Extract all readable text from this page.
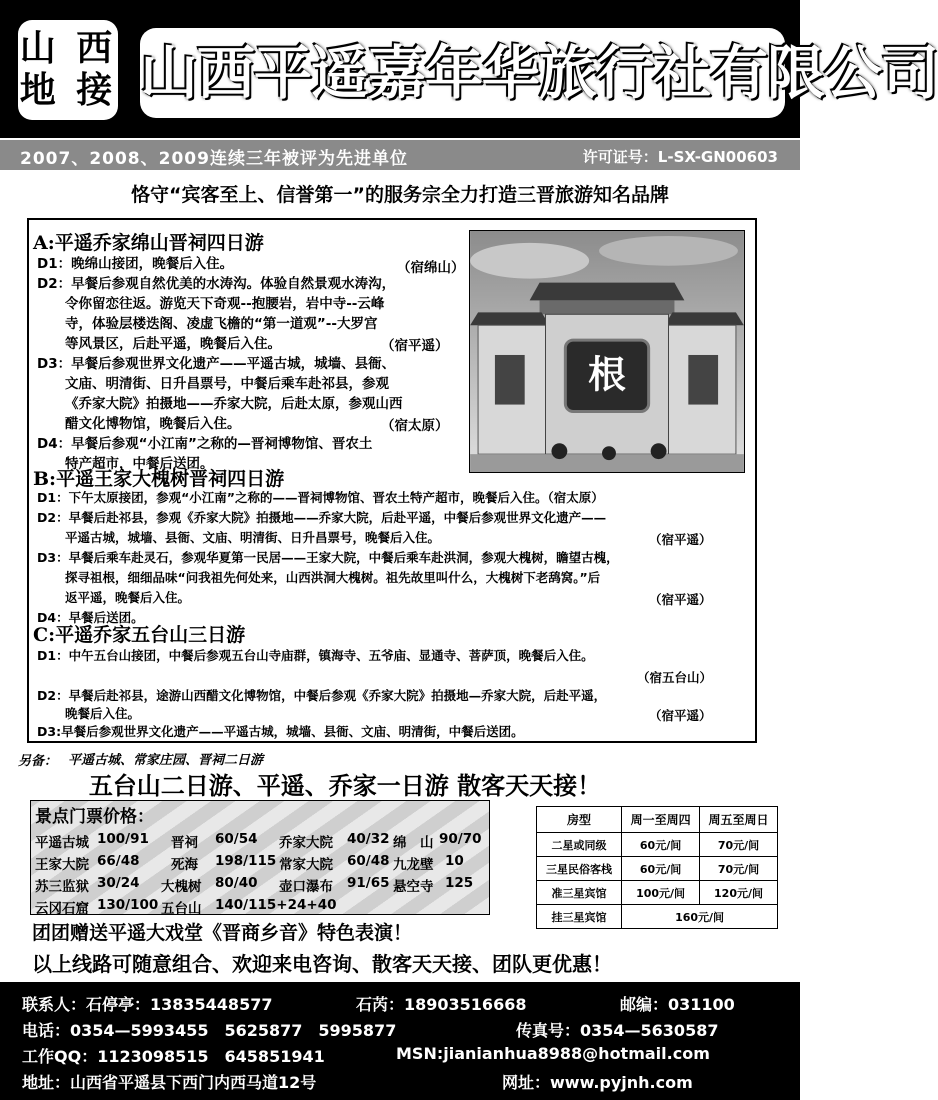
山 西
地 接 山西平遥嘉年华旅行社有限公司
2007、2008、2009连续三年被评为先进单位	许可证号：L-SX-GN00603
恪守“宾客至上、信誉第一”的服务宗全力打造三晋旅游知名品牌
根
A:平遥乔家绵山晋祠四日游
D1：晚绵山接团，晚餐后入住。	（宿绵山）
D2：早餐后参观自然优美的水涛沟。体验自然景观水涛沟，
令你留恋往返。游览天下奇观--抱腰岩，岩中寺--云峰
寺，体验层楼迭阁、凌虚飞檐的“第一道观”--大罗宫
等风景区，后赴平遥，晚餐后入住。	（宿平遥）
D3：早餐后参观世界文化遗产——平遥古城，城墙、县衙、
文庙、明清街、日升昌票号，中餐后乘车赴祁县，参观
《乔家大院》拍摄地——乔家大院，后赴太原，参观山西
醋文化博物馆，晚餐后入住。	（宿太原）
D4：早餐后参观“小江南”之称的—晋祠博物馆、晋农土
特产超市，中餐后送团。
B:平遥王家大槐树晋祠四日游
D1：下午太原接团，参观“小江南”之称的——晋祠博物馆、晋农土特产超市，晚餐后入住。（宿太原）
D2：早餐后赴祁县，参观《乔家大院》拍摄地——乔家大院，后赴平遥，中餐后参观世界文化遗产——
平遥古城，城墙、县衙、文庙、明清街、日升昌票号，晚餐后入住。	（宿平遥）
D3：早餐后乘车赴灵石，参观华夏第一民居——王家大院，中餐后乘车赴洪洞，参观大槐树，瞻望古槐，
探寻祖根，细细品味“问我祖先何处来，山西洪洞大槐树。祖先故里叫什么，大槐树下老鸹窝。”后
返平遥，晚餐后入住。	（宿平遥）
D4：早餐后送团。
C:平遥乔家五台山三日游
D1：中午五台山接团，中餐后参观五台山寺庙群，镇海寺、五爷庙、显通寺、菩萨顶，晚餐后入住。
（宿五台山）
D2：早餐后赴祁县，途游山西醋文化博物馆，中餐后参观《乔家大院》拍摄地—乔家大院，后赴平遥，
晚餐后入住。	（宿平遥）
D3:早餐后参观世界文化遗产——平遥古城，城墙、县衙、文庙、明清街，中餐后送团。
另备： 平遥古城、常家庄园、晋祠二日游
五台山二日游、平遥、乔家一日游 散客天天接！
景点门票价格：
平遥古城 100/91 晋祠 60/54 乔家大院 40/32 绵　山 90/70
王家大院 66/48 死海 198/115 常家大院 60/48 九龙壁 10
苏三监狱 30/24 大槐树 80/40 壶口瀑布 91/65 悬空寺 125
云冈石窟 130/100 五台山 140/115+24+40
房型	周一至周四	周五至周日
二星或同级	60元/间	70元/间
三星民俗客栈	60元/间	70元/间
准三星宾馆	100元/间	120元/间
挂三星宾馆	160元/间	
团团赠送平遥大戏堂《晋商乡音》特色表演！
以上线路可随意组合、欢迎来电咨询、散客天天接、团队更优惠！
联系人：石停亭：13835448577	石芮：18903516668	邮编：031100
电话：0354—5993455　5625877　5995877	传真号：0354—5630587
工作QQ：1123098515　645851941	MSN:jianianhua8988@hotmail.com
地址：山西省平遥县下西门内西马道12号	网址：www.pyjnh.com
